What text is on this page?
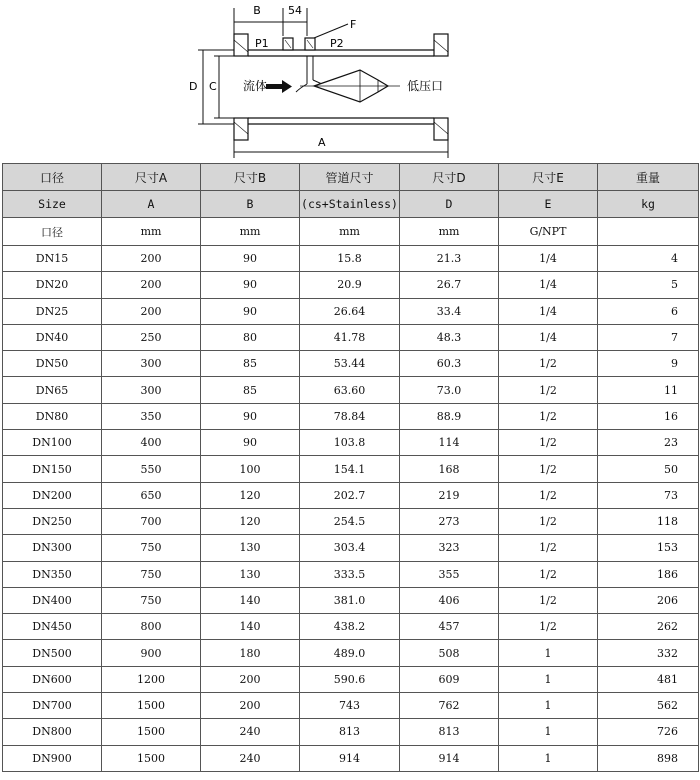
B 54
F
P1	P2
流体	低压口
D C
A
口径	尺寸A	尺寸B	管道尺寸	尺寸D	尺寸E	重量
Size	A	B	(cs+Stainless)	D	E	kg
口径	mm	mm	mm	mm	G/NPT	
DN15	200	90	15.8	21.3	1/4	4
DN20	200	90	20.9	26.7	1/4	5
DN25	200	90	26.64	33.4	1/4	6
DN40	250	80	41.78	48.3	1/4	7
DN50	300	85	53.44	60.3	1/2	9
DN65	300	85	63.60	73.0	1/2	11
DN80	350	90	78.84	88.9	1/2	16
DN100	400	90	103.8	114	1/2	23
DN150	550	100	154.1	168	1/2	50
DN200	650	120	202.7	219	1/2	73
DN250	700	120	254.5	273	1/2	118
DN300	750	130	303.4	323	1/2	153
DN350	750	130	333.5	355	1/2	186
DN400	750	140	381.0	406	1/2	206
DN450	800	140	438.2	457	1/2	262
DN500	900	180	489.0	508	1	332
DN600	1200	200	590.6	609	1	481
DN700	1500	200	743	762	1	562
DN800	1500	240	813	813	1	726
DN900	1500	240	914	914	1	898
